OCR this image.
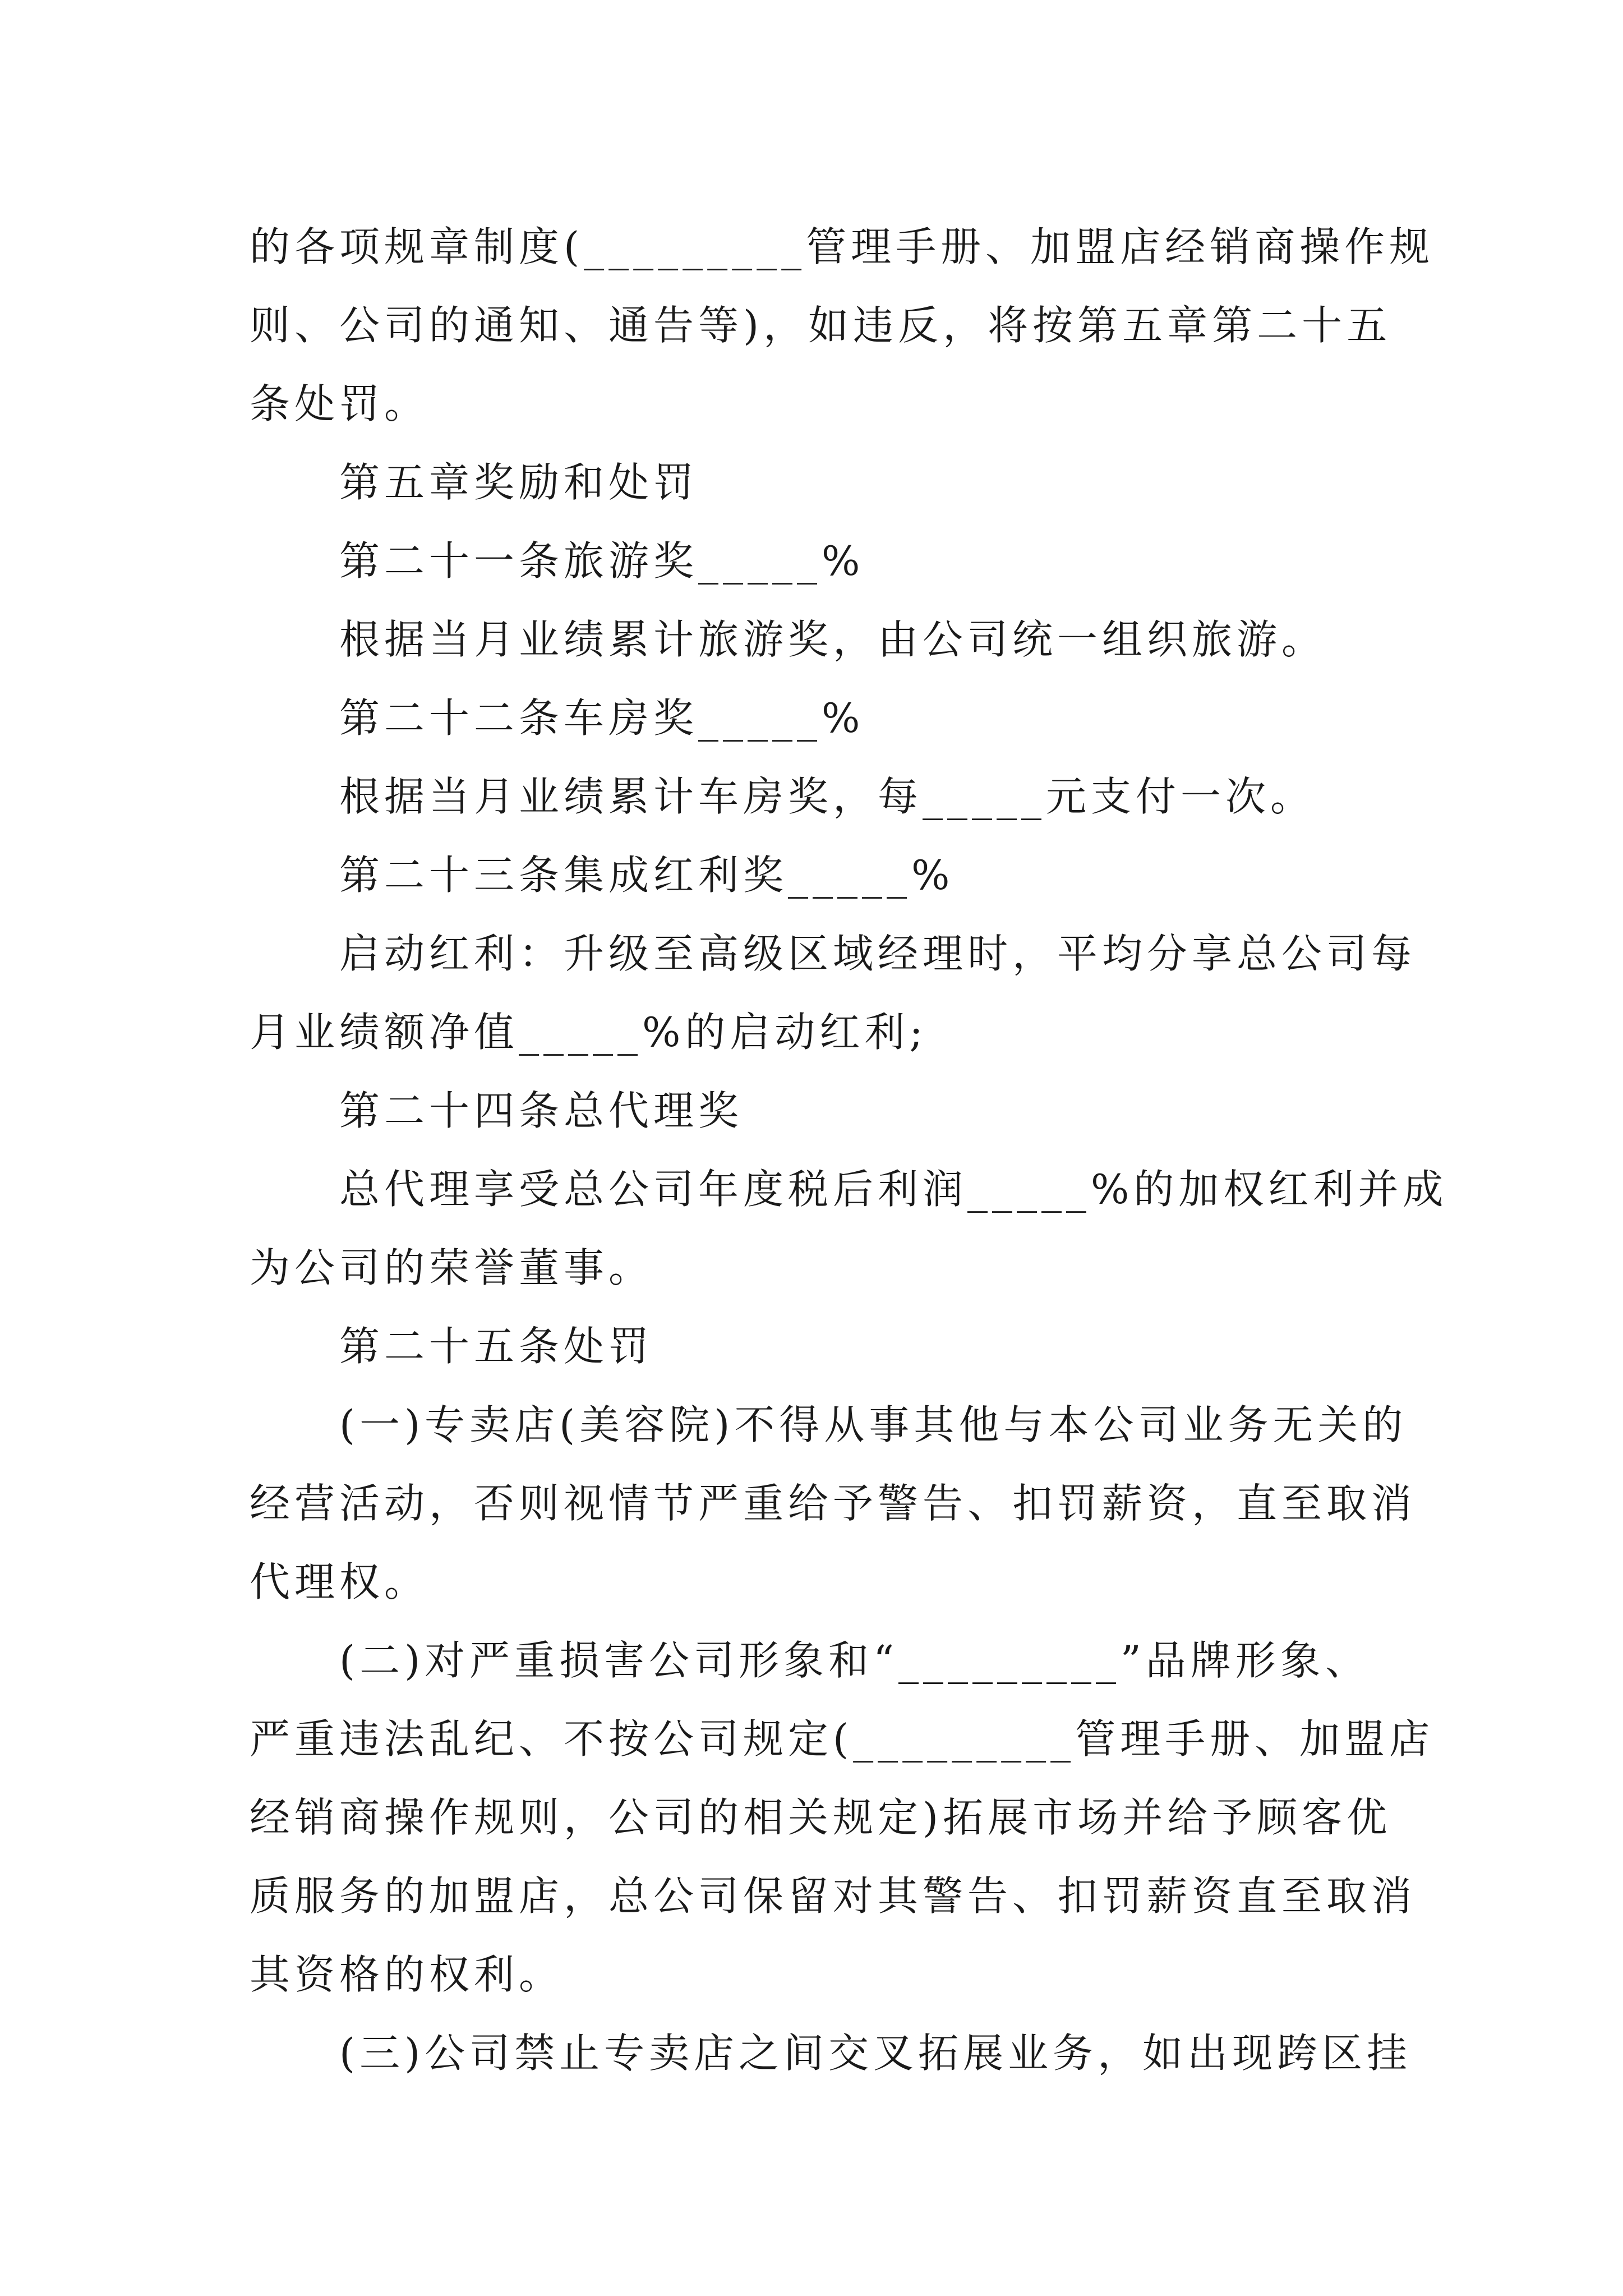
的各项规章制度(_________管理手册、加盟店经销商操作规
则、公司的通知、通告等)，如违反，将按第五章第二十五
条处罚。
第五章奖励和处罚
第二十一条旅游奖_____%
根据当月业绩累计旅游奖，由公司统一组织旅游。
第二十二条车房奖_____%
根据当月业绩累计车房奖，每_____元支付一次。
第二十三条集成红利奖_____%
启动红利：升级至高级区域经理时，平均分享总公司每
月业绩额净值_____%的启动红利;
第二十四条总代理奖
总代理享受总公司年度税后利润_____%的加权红利并成
为公司的荣誉董事。
第二十五条处罚
(一)专卖店(美容院)不得从事其他与本公司业务无关的
经营活动，否则视情节严重给予警告、扣罚薪资，直至取消
代理权。
(二)对严重损害公司形象和“_________”品牌形象、
严重违法乱纪、不按公司规定(_________管理手册、加盟店
经销商操作规则，公司的相关规定)拓展市场并给予顾客优
质服务的加盟店，总公司保留对其警告、扣罚薪资直至取消
其资格的权利。
(三)公司禁止专卖店之间交叉拓展业务，如出现跨区挂
